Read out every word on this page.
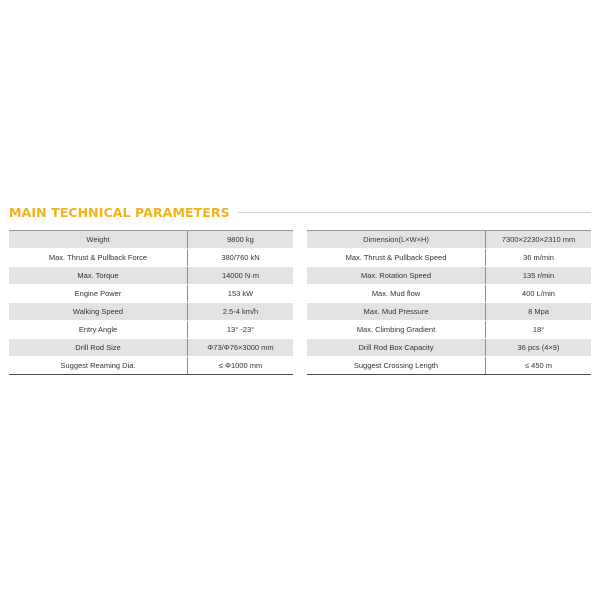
MAIN TECHNICAL PARAMETERS
Weight	9800 kg
Max. Thrust & Pullback Force	380/760 kN
Max. Torque	14000 N·m
Engine Power	153 kW
Walking Speed	2.5-4 km/h
Entry Angle	13° -23°
Drill Rod Size	Φ73/Φ76×3000 mm
Suggest Reaming Dia.	≤ Φ1000 mm
Dimension(L×W×H)	7300×2230×2310 mm
Max. Thrust & Pullback Speed	36 m/min
Max. Rotation Speed	135 r/min
Max. Mud flow	400 L/min
Max. Mud Pressure	8 Mpa
Max. Climbing Gradient	18°
Drill Rod Box Capacity	36 pcs (4×9)
Suggest Crossing Length	≤ 450 m
